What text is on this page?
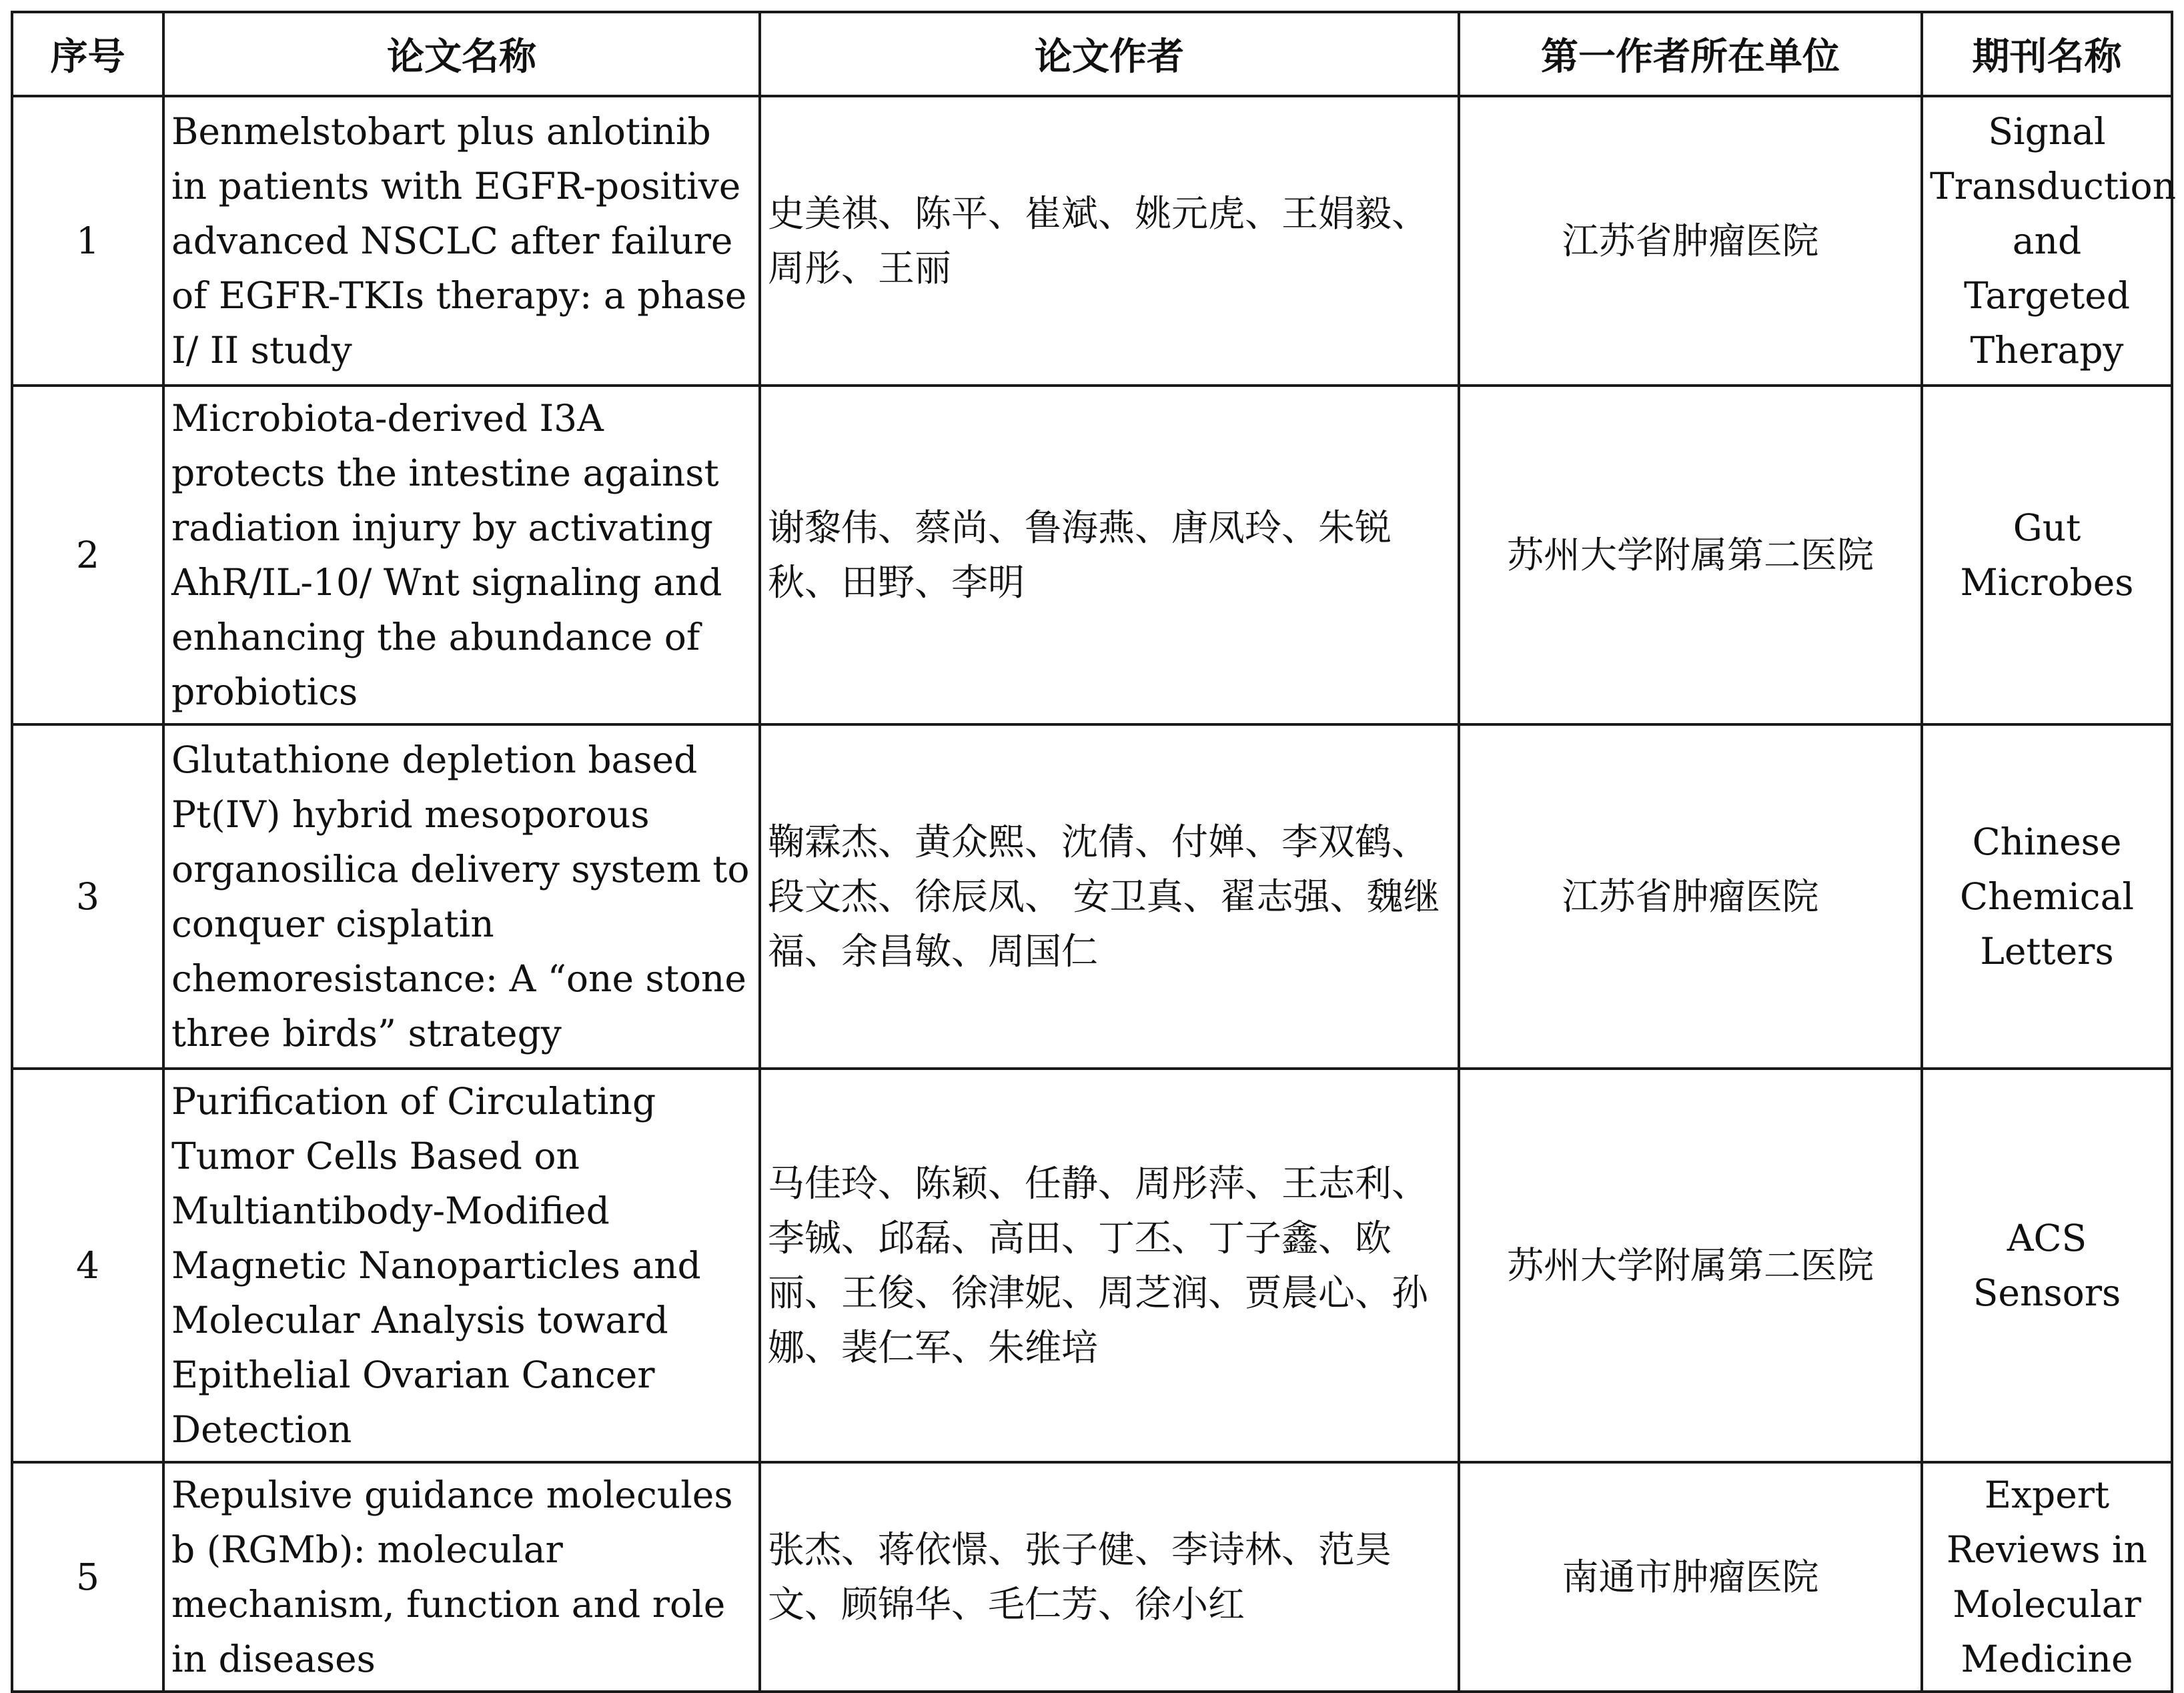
序号	论文名称	论文作者	第一作者所在单位	期刊名称
1	Benmelstobart plus anlotinib in patients with EGFR-positive advanced NSCLC after failure of EGFR-TKIs therapy: a phase I/ II study	史美祺、陈平、崔斌、姚元虎、王娟毅、周彤、王丽	江苏省肿瘤医院	Signal Transduction and Targeted Therapy
2	Microbiota-derived I3A protects the intestine against radiation injury by activating AhR/IL-10/ Wnt signaling and enhancing the abundance of probiotics	谢黎伟、蔡尚、鲁海燕、唐凤玲、朱锐秋、田野、李明	苏州大学附属第二医院	Gut Microbes
3	Glutathione depletion based Pt(IV) hybrid mesoporous organosilica delivery system to conquer cisplatin chemoresistance: A “one stone three birds” strategy	鞠霖杰、黄众熙、沈倩、付婵、李双鹤、段文杰、徐辰凤、 安卫真、翟志强、魏继福、余昌敏、周国仁	江苏省肿瘤医院	Chinese Chemical Letters
4	Purification of Circulating Tumor Cells Based on Multiantibody-Modified Magnetic Nanoparticles and Molecular Analysis toward Epithelial Ovarian Cancer Detection	马佳玲、陈颖、任静、周彤萍、王志利、李铖、邱磊、高田、丁丕、丁子鑫、欧丽、王俊、徐津妮、周芝润、贾晨心、孙娜、裴仁军、朱维培	苏州大学附属第二医院	ACS Sensors
5	Repulsive guidance molecules b (RGMb): molecular mechanism, function and role in diseases	张杰、蒋依憬、张子健、李诗林、范昊文、顾锦华、毛仁芳、徐小红	南通市肿瘤医院	Expert Reviews in Molecular Medicine
